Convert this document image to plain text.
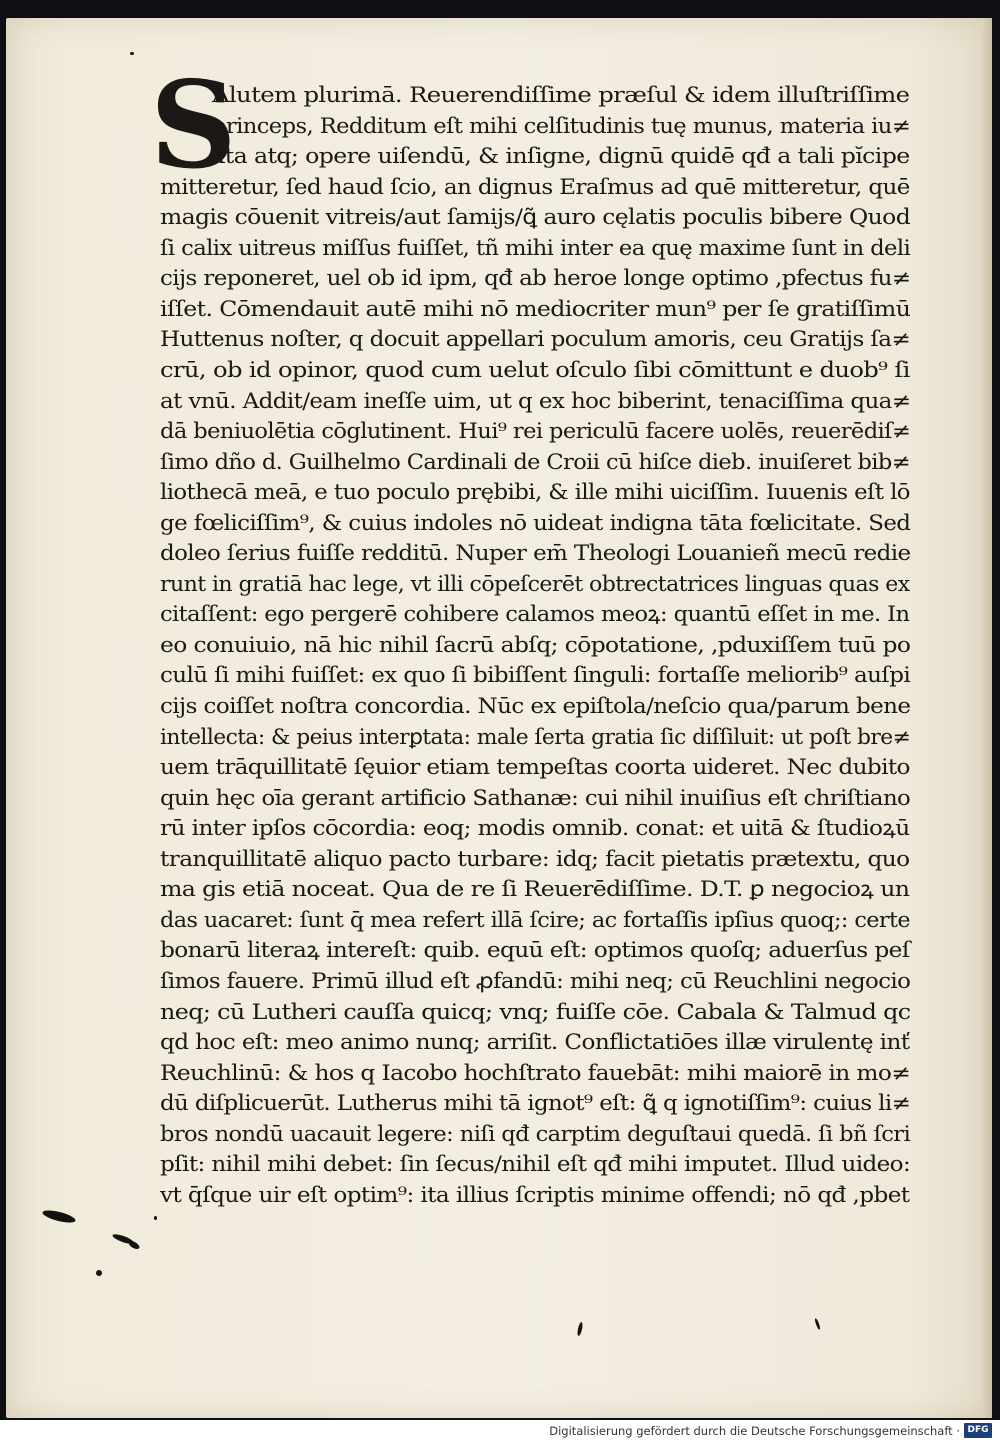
S
Alutem plurimā. Reuerendiſſime præſul & idem illuſtriſſime
princeps, Redditum eſt mihi celſitudinis tuę munus, materia iu≠
xta atq; opere uiſendū, & inſigne, dignū quidē qđ a tali pĭcipe
mitteretur, ſed haud ſcio, an dignus Eraſmus ad quē mitteretur, quē
magis cōuenit vitreis/aut ſamijs/ꝗ̃ auro cęlatis poculis bibere Quod
ſi calix uitreus miſſus fuiſſet, tñ mihi inter ea quę maxime ſunt in deli
cijs reponeret, uel ob id ipm, qđ ab heroe longe optimo ,pfectus fu≠
iſſet. Cōmendauit autē mihi nō mediocriter mun⁹ per ſe gratiſſimū
Huttenus noſter, q docuit appellari poculum amoris, ceu Gratijs ſa≠
crū, ob id opinor, quod cum uelut oſculo ſibi cōmittunt e duob⁹ ſi
at vnū. Addit/eam ineſſe uim, ut q ex hoc biberint, tenaciſſima qua≠
dā beniuolētia cōglutinent. Hui⁹ rei periculū facere uolēs, reuerēdiſ≠
ſimo dño d. Guilhelmo Cardinali de Croii cū hiſce dieb. inuiſeret bib≠
liothecā meā, e tuo poculo prębibi, & ille mihi uiciſſim. Iuuenis eſt lō
ge fœliciſſim⁹, & cuius indoles nō uideat indigna tāta fœlicitate. Sed
doleo ſerius fuiſſe redditū. Nuper em̄ Theologi Louanieñ mecū redie
runt in gratiā hac lege, vt illi cōpeſcerēt obtrectatrices linguas quas ex
citaſſent: ego pergerē cohibere calamos meoꝝ: quantū eſſet in me. In
eo conuiuio, nā hic nihil ſacrū abſq; cōpotatione, ,pduxiſſem tuū po
culū ſi mihi fuiſſet: ex quo ſi bibiſſent ſinguli: fortaſſe meliorib⁹ auſpi
cijs coiſſet noſtra concordia. Nūc ex epiſtola/neſcio qua/parum bene
intellecta: & peius interꝑtata: male ſerta gratia ſic diſſiluit: ut poſt bre≠
uem trāquillitatē ſęuior etiam tempeſtas coorta uideret. Nec dubito
quin hęc oīa gerant artificio Sathanæ: cui nihil inuiſius eſt chriſtiano
rū inter ipſos cōcordia: eoq; modis omnib. conat: et uitā & ſtudioꝝū
tranquillitatē aliquo pacto turbare: idq; facit pietatis prætextu, quo
ma gis etiā noceat. Qua de re ſi Reuerēdiſſime. D.T. ꝑ negocioꝝ un
das uacaret: ſunt q̄ mea refert illā ſcire; ac fortaſſis ipſius quoq;: certe
bonarū literaꝝ intereſt: quib. equū eſt: optimos quoſq; aduerſus peſ
ſimos fauere. Primū illud eſt ꝓfandū: mihi neq; cū Reuchlini negocio
neq; cū Lutheri cauſſa quicq; vnq; fuiſſe cōe. Cabala & Talmud qc
qd hoc eſt: meo animo nunq; arriſit. Conflictatiōes illæ virulentę inť
Reuchlinū: & hos q Iacobo hochſtrato fauebāt: mihi maiorē in mo≠
dū diſplicuerūt. Lutherus mihi tā ignot⁹ eſt: ꝗ̃ q ignotiſſim⁹: cuius li≠
bros nondū uacauit legere: niſi qđ carptim deguſtaui quedā. ſi bñ ſcri
pſit: nihil mihi debet: ſin ſecus/nihil eſt qđ mihi imputet. Illud uideo:
vt q̄ſque uir eſt optim⁹: ita illius ſcriptis minime offendi; nō qđ ,pbet
Digitalisierung gefördert durch die Deutsche Forschungsgemeinschaft · DFG
